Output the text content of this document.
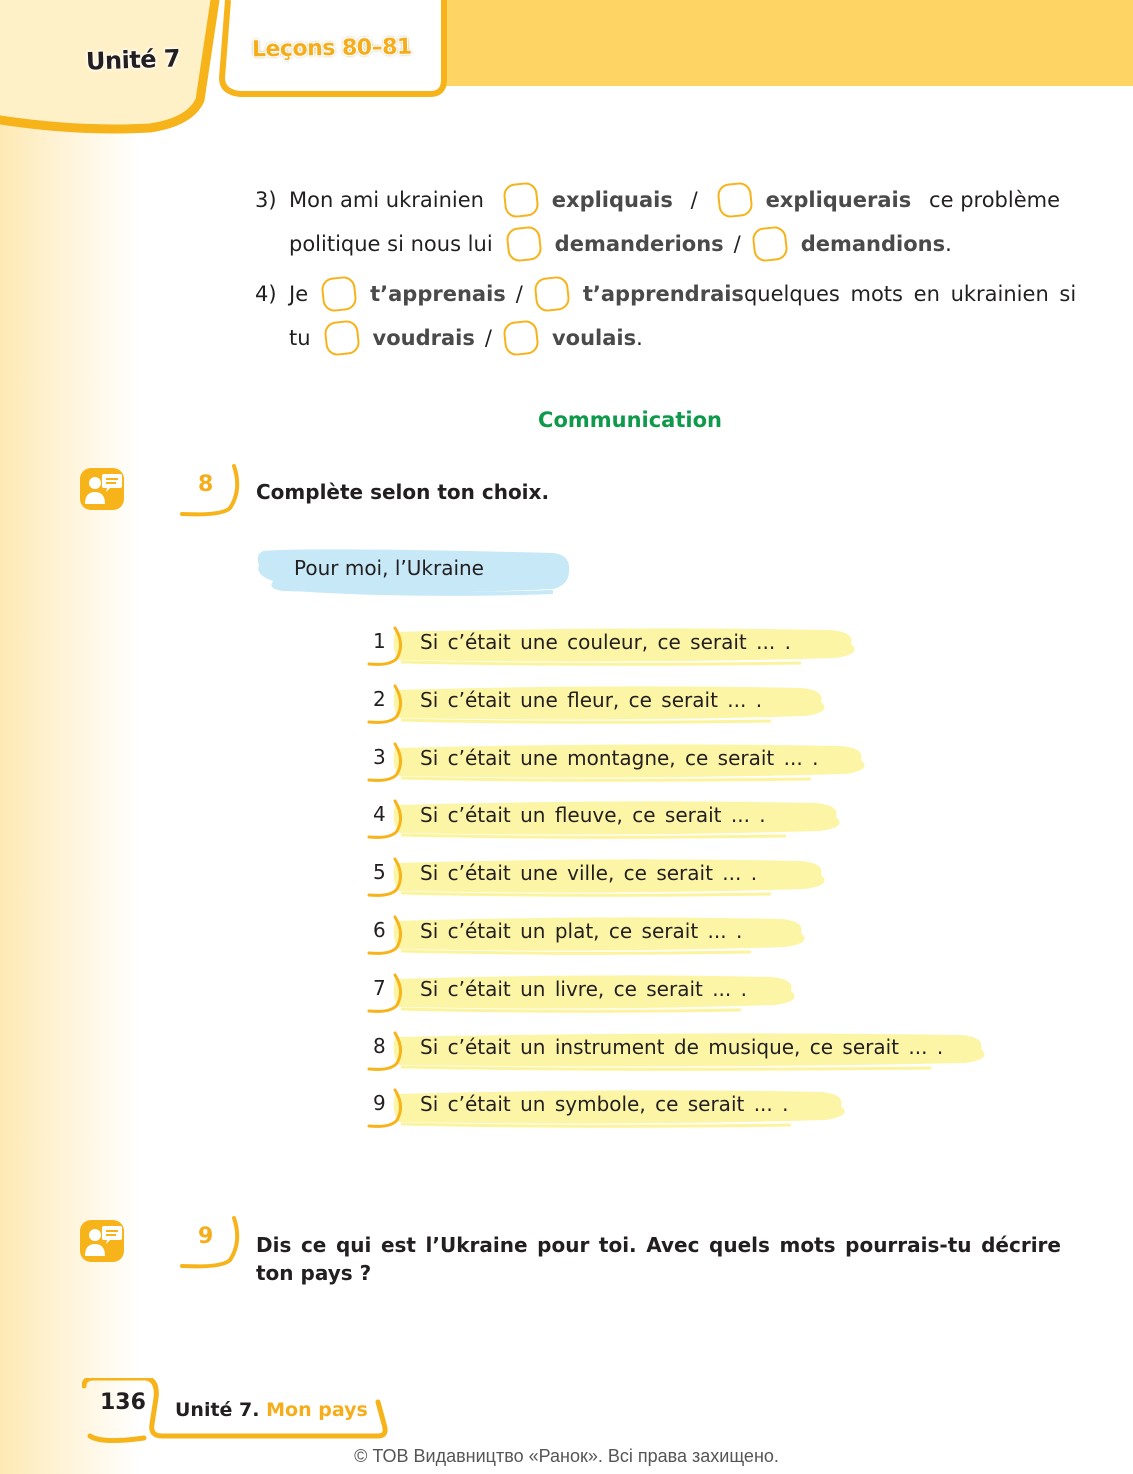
Unité 7	Leçons 80–81
3) Mon ami ukrainien	expliquais /	expliquerais ce problème
politique si nous lui	demanderions /	demandions .
4) Je	t’apprenais /	t’apprendrais quelques mots en ukrainien si
tu	voudrais /	voulais .
Communication
8 Complète selon ton choix.
Pour moi, l’Ukraine
1 Si c’était une couleur, ce serait ... .
2 Si c’était une fleur, ce serait ... .
3 Si c’était une montagne, ce serait ... .
4 Si c’était un fleuve, ce serait ... .
5 Si c’était une ville, ce serait ... .
6 Si c’était un plat, ce serait ... .
7 Si c’était un livre, ce serait ... .
8 Si c’était un instrument de musique, ce serait ... .
9 Si c’était un symbole, ce serait ... .
9 Dis ce qui est l’Ukraine pour toi. Avec quels mots pourrais-tu décrire ton pays ?
136 Unité 7. Mon pays
© ТОВ Видавництво «Ранок». Всі права захищено.
